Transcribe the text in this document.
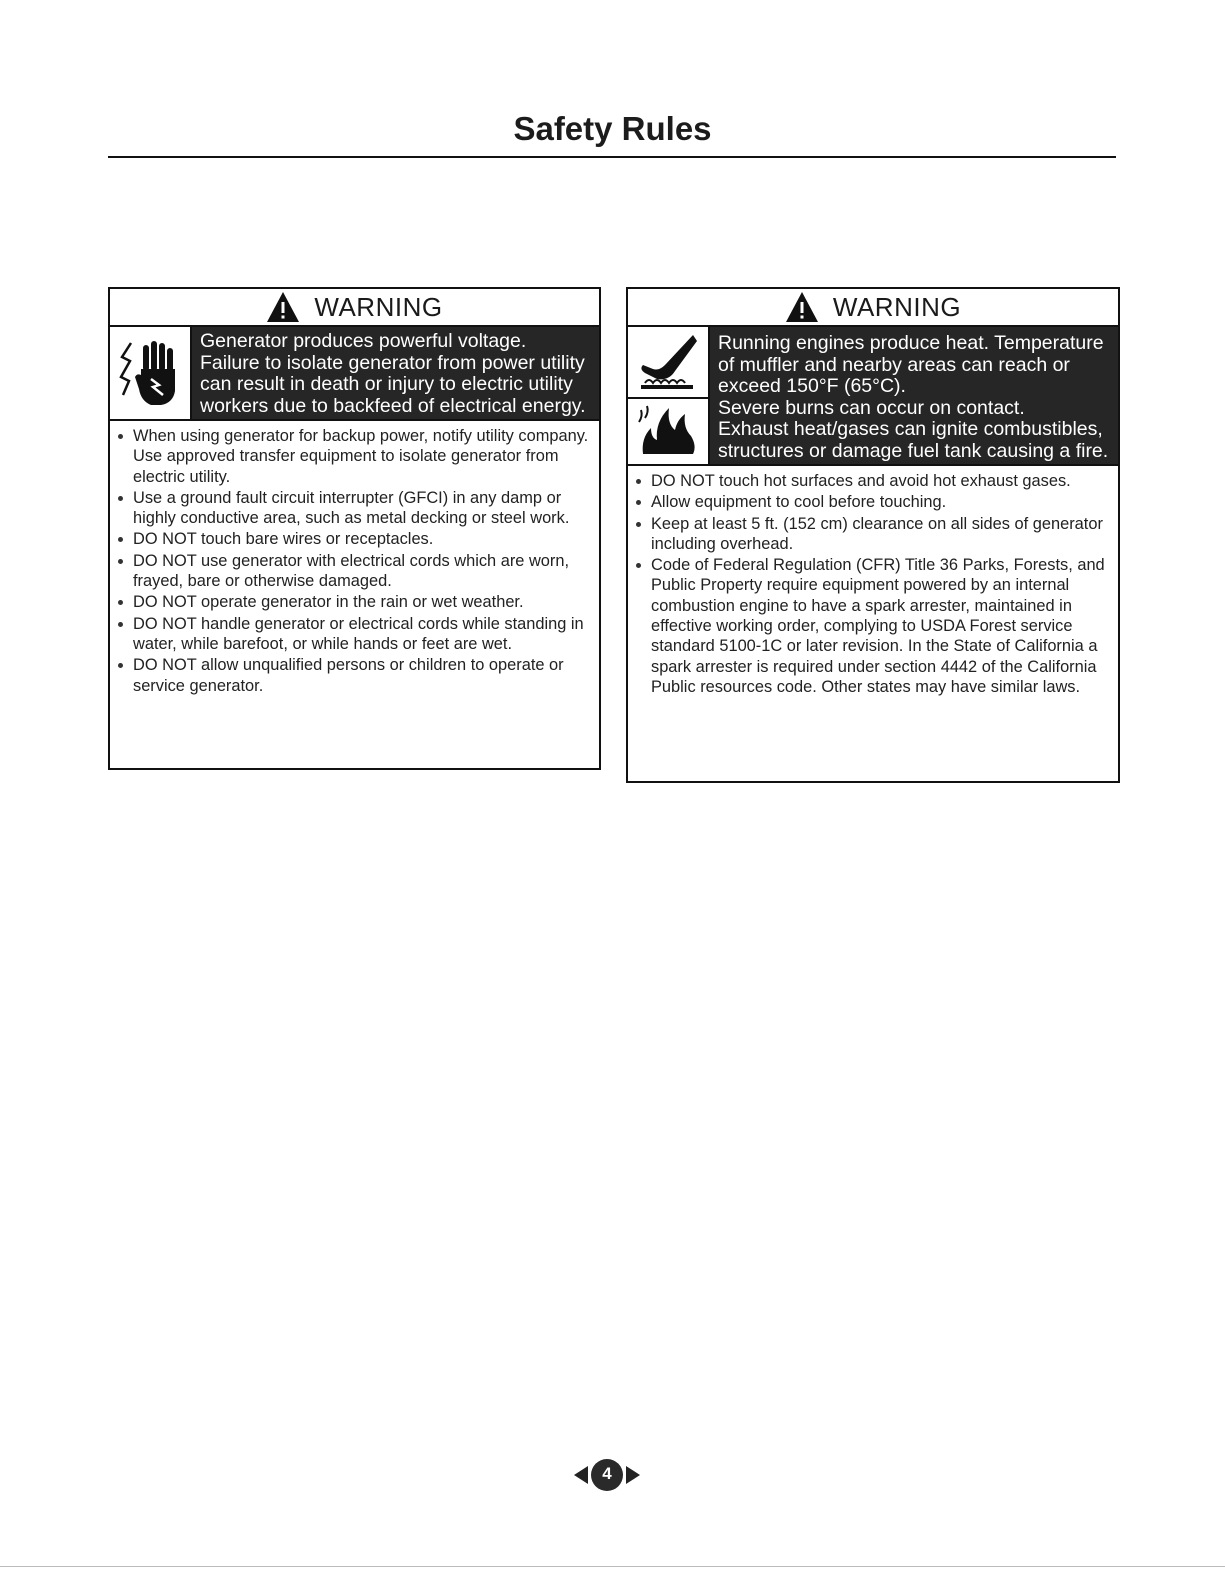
Safety Rules
WARNING
Generator produces powerful voltage.
Failure to isolate generator from power utility
can result in death or injury to electric utility
workers due to backfeed of electrical energy.
When using generator for backup power, notify utility company. Use approved transfer equipment to isolate generator from electric utility.
Use a ground fault circuit interrupter (GFCI) in any damp or highly conductive area, such as metal decking or steel work.
DO NOT touch bare wires or receptacles.
DO NOT use generator with electrical cords which are worn, frayed, bare or otherwise damaged.
DO NOT operate generator in the rain or wet weather.
DO NOT handle generator or electrical cords while standing in water, while barefoot, or while hands or feet are wet.
DO NOT allow unqualified persons or children to operate or service generator.
WARNING
Running engines produce heat. Temperature
of muffler and nearby areas can reach or
exceed 150°F (65°C).
Severe burns can occur on contact.
Exhaust heat/gases can ignite combustibles,
structures or damage fuel tank causing a fire.
DO NOT touch hot surfaces and avoid hot exhaust gases.
Allow equipment to cool before touching.
Keep at least 5 ft. (152 cm) clearance on all sides of generator including overhead.
Code of Federal Regulation (CFR) Title 36 Parks, Forests, and Public Property require equipment powered by an internal combustion engine to have a spark arrester, maintained in effective working order, complying to USDA Forest service standard 5100-1C or later revision. In the State of California a spark arrester is required under section 4442 of the California Public resources code. Other states may have similar laws.
4
